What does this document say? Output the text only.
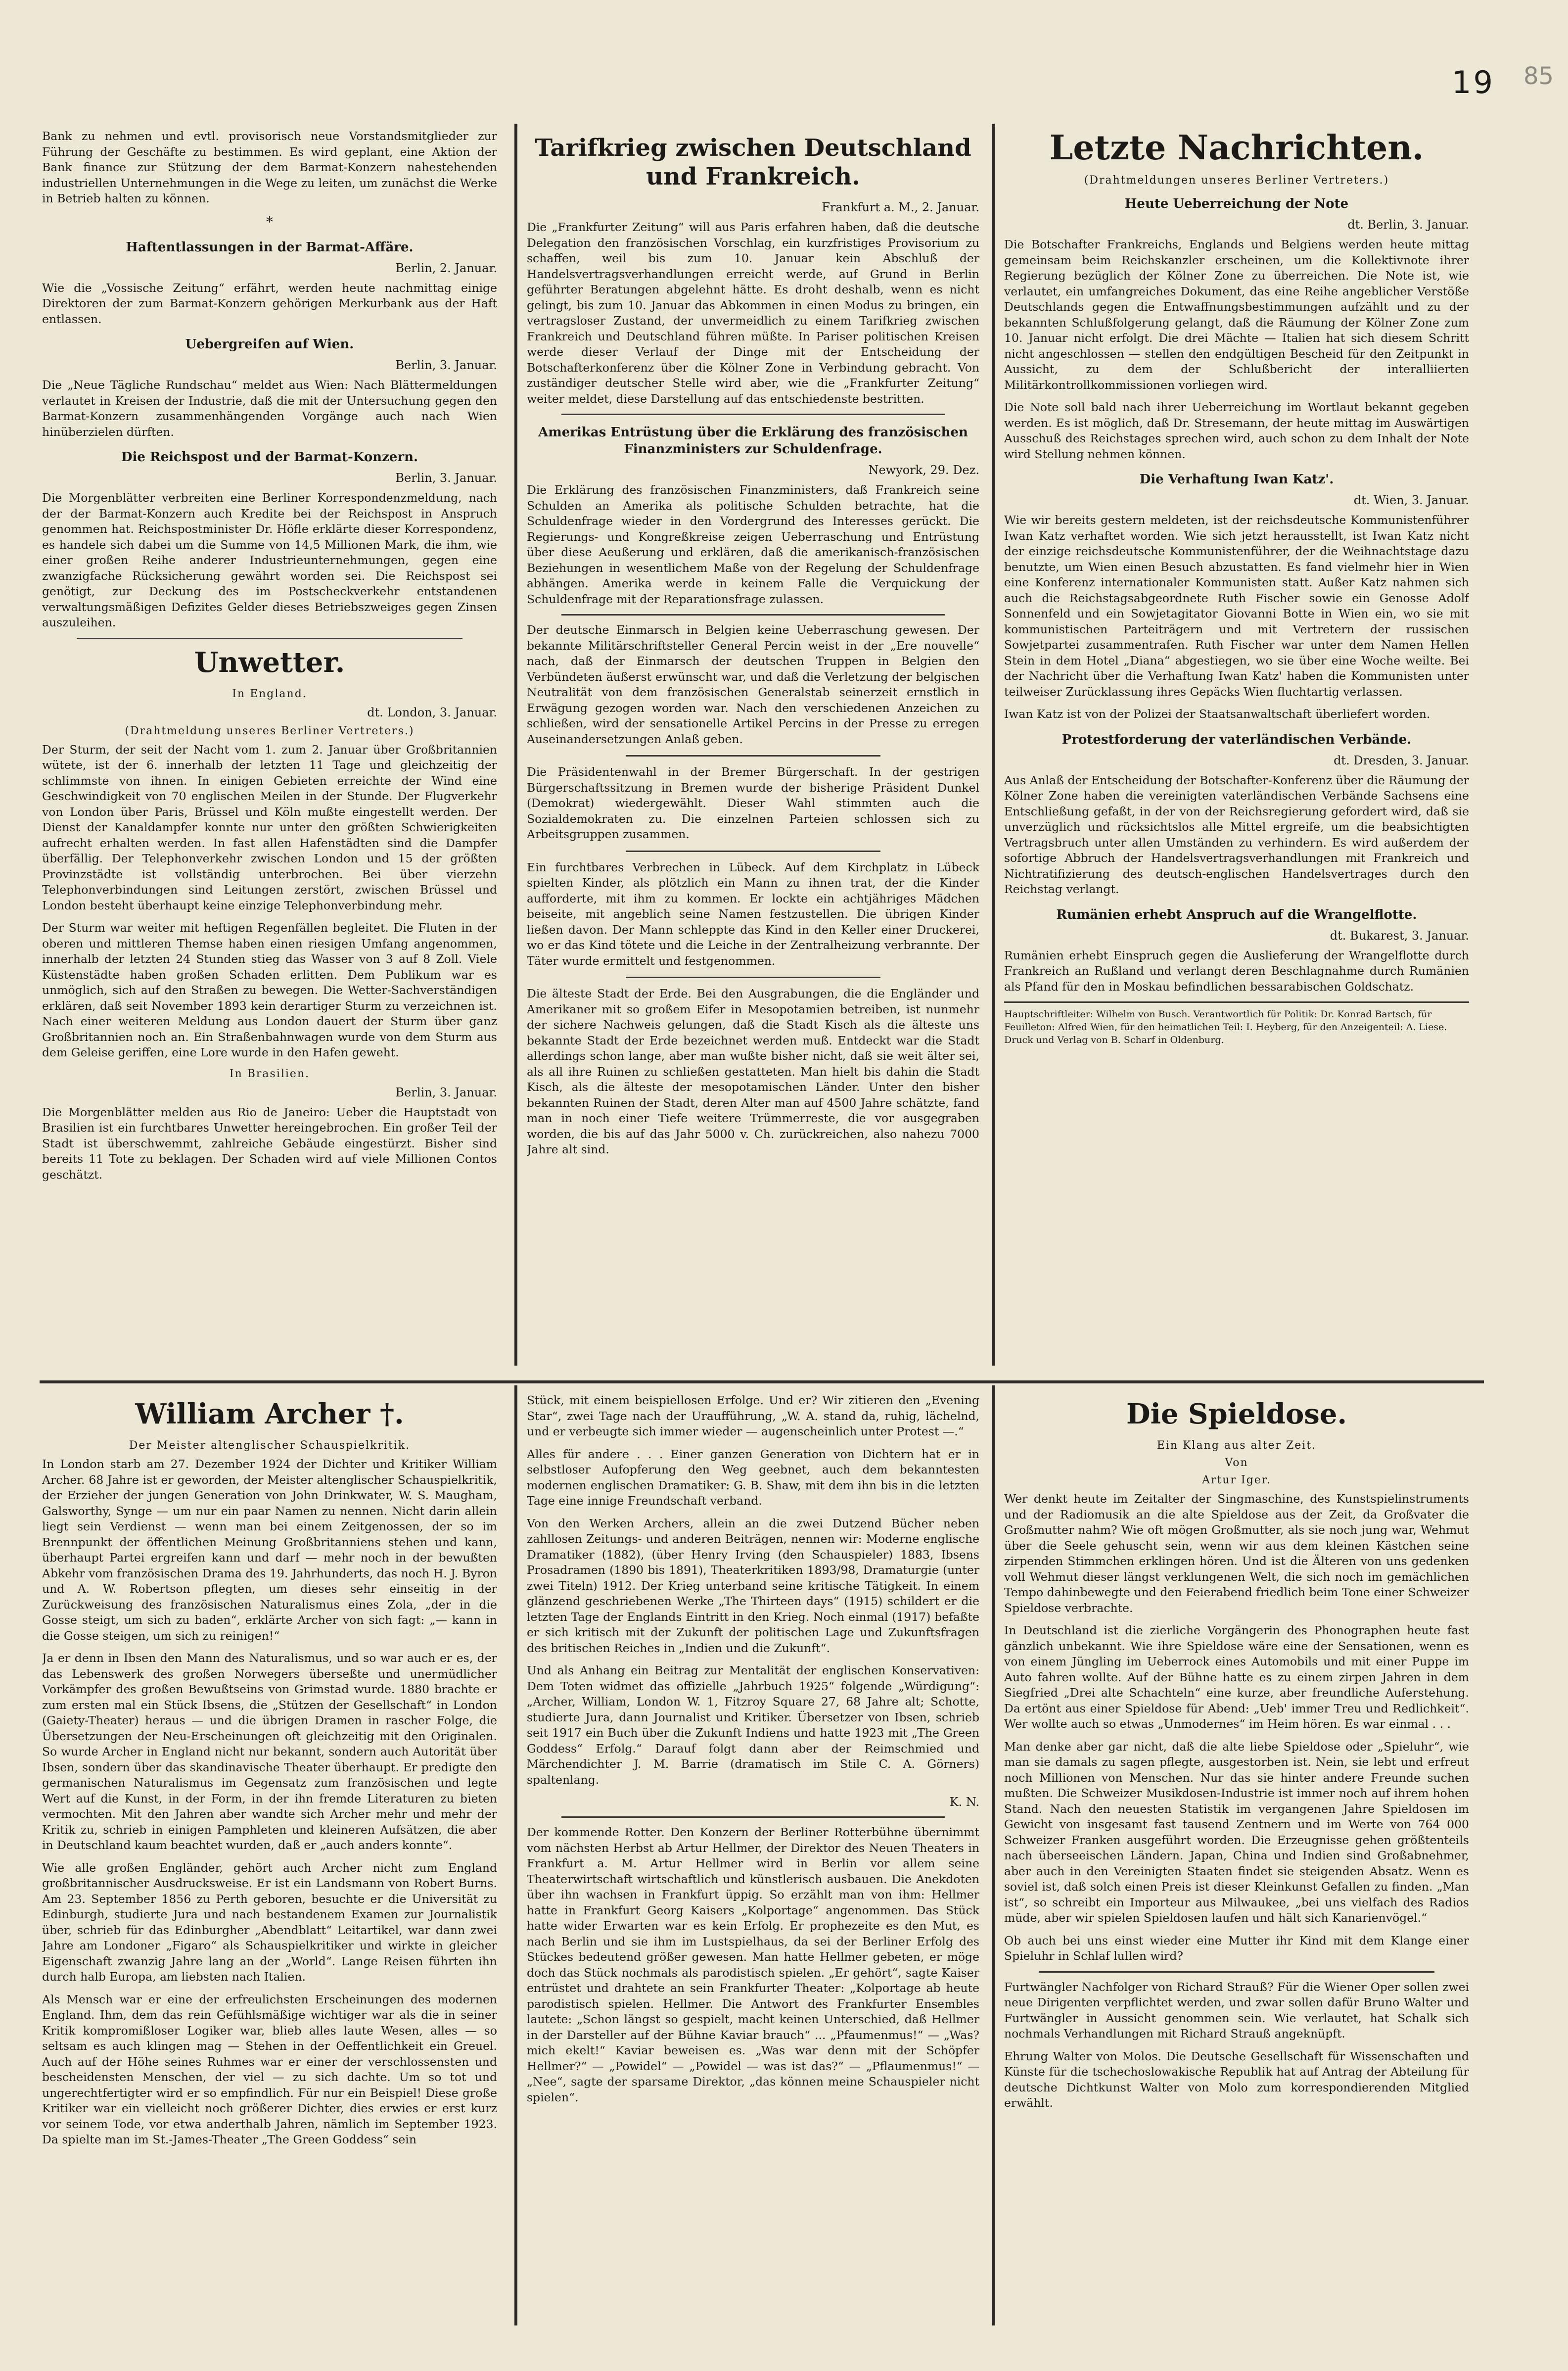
19 85

Bank zu nehmen und evtl. provisorisch neue Vorstandsmitglieder zur Führung der Geschäfte zu bestimmen. Es wird geplant, eine Aktion der Bank finance zur Stützung der dem Barmat-Konzern nahestehenden industriellen Unternehmungen in die Wege zu leiten, um zunächst die Werke in Betrieb halten zu können.

*
Haftentlassungen in der Barmat-Affäre.
Berlin, 2. Januar.

Wie die „Vossische Zeitung“ erfährt, werden heute nachmittag einige Direktoren der zum Barmat-Konzern gehörigen Merkurbank aus der Haft entlassen.

Uebergreifen auf Wien.
Berlin, 3. Januar.

Die „Neue Tägliche Rundschau“ meldet aus Wien: Nach Blättermeldungen verlautet in Kreisen der Industrie, daß die mit der Untersuchung gegen den Barmat-Konzern zusammenhängenden Vorgänge auch nach Wien hinüberzielen dürften.

Die Reichspost und der Barmat-Konzern.
Berlin, 3. Januar.

Die Morgenblätter verbreiten eine Berliner Korrespondenzmeldung, nach der der Barmat-Konzern auch Kredite bei der Reichspost in Anspruch genommen hat. Reichspostminister Dr. Höfle erklärte dieser Korrespondenz, es handele sich dabei um die Summe von 14,5 Millionen Mark, die ihm, wie einer großen Reihe anderer Industrieunternehmungen, gegen eine zwanzigfache Rücksicherung gewährt worden sei. Die Reichspost sei genötigt, zur Deckung des im Postscheckverkehr entstandenen verwaltungsmäßigen Defizites Gelder dieses Betriebszweiges gegen Zinsen auszuleihen.

Unwetter.
In England.
dt. London, 3. Januar.
(Drahtmeldung unseres Berliner Vertreters.)

Der Sturm, der seit der Nacht vom 1. zum 2. Januar über Großbritannien wütete, ist der 6. innerhalb der letzten 11 Tage und gleichzeitig der schlimmste von ihnen. In einigen Gebieten erreichte der Wind eine Geschwindigkeit von 70 englischen Meilen in der Stunde. Der Flugverkehr von London über Paris, Brüssel und Köln mußte eingestellt werden. Der Dienst der Kanaldampfer konnte nur unter den größten Schwierigkeiten aufrecht erhalten werden. In fast allen Hafenstädten sind die Dampfer überfällig. Der Telephonverkehr zwischen London und 15 der größten Provinzstädte ist vollständig unterbrochen. Bei über vierzehn Telephonverbindungen sind Leitungen zerstört, zwischen Brüssel und London besteht überhaupt keine einzige Telephonverbindung mehr.

Der Sturm war weiter mit heftigen Regenfällen begleitet. Die Fluten in der oberen und mittleren Themse haben einen riesigen Umfang angenommen, innerhalb der letzten 24 Stunden stieg das Wasser von 3 auf 8 Zoll. Viele Küstenstädte haben großen Schaden erlitten. Dem Publikum war es unmöglich, sich auf den Straßen zu bewegen. Die Wetter-Sachverständigen erklären, daß seit November 1893 kein derartiger Sturm zu verzeichnen ist. Nach einer weiteren Meldung aus London dauert der Sturm über ganz Großbritannien noch an. Ein Straßenbahnwagen wurde von dem Sturm aus dem Geleise geriffen, eine Lore wurde in den Hafen geweht.

In Brasilien.
Berlin, 3. Januar.

Die Morgenblätter melden aus Rio de Janeiro: Ueber die Hauptstadt von Brasilien ist ein furchtbares Unwetter hereingebrochen. Ein großer Teil der Stadt ist überschwemmt, zahlreiche Gebäude eingestürzt. Bisher sind bereits 11 Tote zu beklagen. Der Schaden wird auf viele Millionen Contos geschätzt.

Tarifkrieg zwischen Deutschland und Frankreich.
Frankfurt a. M., 2. Januar.

Die „Frankfurter Zeitung“ will aus Paris erfahren haben, daß die deutsche Delegation den französischen Vorschlag, ein kurzfristiges Provisorium zu schaffen, weil bis zum 10. Januar kein Abschluß der Handelsvertragsverhandlungen erreicht werde, auf Grund in Berlin geführter Beratungen abgelehnt hätte. Es droht deshalb, wenn es nicht gelingt, bis zum 10. Januar das Abkommen in einen Modus zu bringen, ein vertragsloser Zustand, der unvermeidlich zu einem Tarifkrieg zwischen Frankreich und Deutschland führen müßte. In Pariser politischen Kreisen werde dieser Verlauf der Dinge mit der Entscheidung der Botschafterkonferenz über die Kölner Zone in Verbindung gebracht. Von zuständiger deutscher Stelle wird aber, wie die „Frankfurter Zeitung“ weiter meldet, diese Darstellung auf das entschiedenste bestritten.

Amerikas Entrüstung über die Erklärung des französischen Finanzministers zur Schuldenfrage.
Newyork, 29. Dez.

Die Erklärung des französischen Finanzministers, daß Frankreich seine Schulden an Amerika als politische Schulden betrachte, hat die Schuldenfrage wieder in den Vordergrund des Interesses gerückt. Die Regierungs- und Kongreßkreise zeigen Ueberraschung und Entrüstung über diese Aeußerung und erklären, daß die amerikanisch-französischen Beziehungen in wesentlichem Maße von der Regelung der Schuldenfrage abhängen. Amerika werde in keinem Falle die Verquickung der Schuldenfrage mit der Reparationsfrage zulassen.

Der deutsche Einmarsch in Belgien keine Ueberraschung gewesen. Der bekannte Militärschriftsteller General Percin weist in der „Ere nouvelle“ nach, daß der Einmarsch der deutschen Truppen in Belgien den Verbündeten äußerst erwünscht war, und daß die Verletzung der belgischen Neutralität von dem französischen Generalstab seinerzeit ernstlich in Erwägung gezogen worden war. Nach den verschiedenen Anzeichen zu schließen, wird der sensationelle Artikel Percins in der Presse zu erregen Auseinandersetzungen Anlaß geben.

Die Präsidentenwahl in der Bremer Bürgerschaft. In der gestrigen Bürgerschaftssitzung in Bremen wurde der bisherige Präsident Dunkel (Demokrat) wiedergewählt. Dieser Wahl stimmten auch die Sozialdemokraten zu. Die einzelnen Parteien schlossen sich zu Arbeitsgruppen zusammen.

Ein furchtbares Verbrechen in Lübeck. Auf dem Kirchplatz in Lübeck spielten Kinder, als plötzlich ein Mann zu ihnen trat, der die Kinder aufforderte, mit ihm zu kommen. Er lockte ein achtjähriges Mädchen beiseite, mit angeblich seine Namen festzustellen. Die übrigen Kinder ließen davon. Der Mann schleppte das Kind in den Keller einer Druckerei, wo er das Kind tötete und die Leiche in der Zentralheizung verbrannte. Der Täter wurde ermittelt und festgenommen.

Die älteste Stadt der Erde. Bei den Ausgrabungen, die die Engländer und Amerikaner mit so großem Eifer in Mesopotamien betreiben, ist nunmehr der sichere Nachweis gelungen, daß die Stadt Kisch als die älteste uns bekannte Stadt der Erde bezeichnet werden muß. Entdeckt war die Stadt allerdings schon lange, aber man wußte bisher nicht, daß sie weit älter sei, als all ihre Ruinen zu schließen gestatteten. Man hielt bis dahin die Stadt Kisch, als die älteste der mesopotamischen Länder. Unter den bisher bekannten Ruinen der Stadt, deren Alter man auf 4500 Jahre schätzte, fand man in noch einer Tiefe weitere Trümmerreste, die vor ausgegraben worden, die bis auf das Jahr 5000 v. Ch. zurückreichen, also nahezu 7000 Jahre alt sind.

Letzte Nachrichten.
(Drahtmeldungen unseres Berliner Vertreters.)
Heute Ueberreichung der Note
dt. Berlin, 3. Januar.

Die Botschafter Frankreichs, Englands und Belgiens werden heute mittag gemeinsam beim Reichskanzler erscheinen, um die Kollektivnote ihrer Regierung bezüglich der Kölner Zone zu überreichen. Die Note ist, wie verlautet, ein umfangreiches Dokument, das eine Reihe angeblicher Verstöße Deutschlands gegen die Entwaffnungsbestimmungen aufzählt und zu der bekannten Schlußfolgerung gelangt, daß die Räumung der Kölner Zone zum 10. Januar nicht erfolgt. Die drei Mächte — Italien hat sich diesem Schritt nicht angeschlossen — stellen den endgültigen Bescheid für den Zeitpunkt in Aussicht, zu dem der Schlußbericht der interalliierten Militärkontrollkommissionen vorliegen wird.

Die Note soll bald nach ihrer Ueberreichung im Wortlaut bekannt gegeben werden. Es ist möglich, daß Dr. Stresemann, der heute mittag im Auswärtigen Ausschuß des Reichstages sprechen wird, auch schon zu dem Inhalt der Note wird Stellung nehmen können.

Die Verhaftung Iwan Katz'.
dt. Wien, 3. Januar.

Wie wir bereits gestern meldeten, ist der reichsdeutsche Kommunistenführer Iwan Katz verhaftet worden. Wie sich jetzt herausstellt, ist Iwan Katz nicht der einzige reichsdeutsche Kommunistenführer, der die Weihnachtstage dazu benutzte, um Wien einen Besuch abzustatten. Es fand vielmehr hier in Wien eine Konferenz internationaler Kommunisten statt. Außer Katz nahmen sich auch die Reichstagsabgeordnete Ruth Fischer sowie ein Genosse Adolf Sonnenfeld und ein Sowjetagitator Giovanni Botte in Wien ein, wo sie mit kommunistischen Parteiträgern und mit Vertretern der russischen Sowjetpartei zusammentrafen. Ruth Fischer war unter dem Namen Hellen Stein in dem Hotel „Diana“ abgestiegen, wo sie über eine Woche weilte. Bei der Nachricht über die Verhaftung Iwan Katz' haben die Kommunisten unter teilweiser Zurücklassung ihres Gepäcks Wien fluchtartig verlassen.

Iwan Katz ist von der Polizei der Staatsanwaltschaft überliefert worden.

Protestforderung der vaterländischen Verbände.
dt. Dresden, 3. Januar.

Aus Anlaß der Entscheidung der Botschafter-Konferenz über die Räumung der Kölner Zone haben die vereinigten vaterländischen Verbände Sachsens eine Entschließung gefaßt, in der von der Reichsregierung gefordert wird, daß sie unverzüglich und rücksichtslos alle Mittel ergreife, um die beabsichtigten Vertragsbruch unter allen Umständen zu verhindern. Es wird außerdem der sofortige Abbruch der Handelsvertragsverhandlungen mit Frankreich und Nichtratifizierung des deutsch-englischen Handelsvertrages durch den Reichstag verlangt.

Rumänien erhebt Anspruch auf die Wrangelflotte.
dt. Bukarest, 3. Januar.

Rumänien erhebt Einspruch gegen die Auslieferung der Wrangelflotte durch Frankreich an Rußland und verlangt deren Beschlagnahme durch Rumänien als Pfand für den in Moskau befindlichen bessarabischen Goldschatz.

Hauptschriftleiter: Wilhelm von Busch. Verantwortlich für Politik: Dr. Konrad Bartsch, für Feuilleton: Alfred Wien, für den heimatlichen Teil: I. Heyberg, für den Anzeigenteil: A. Liese. Druck und Verlag von B. Scharf in Oldenburg.
William Archer †.
Der Meister altenglischer Schauspielkritik.

In London starb am 27. Dezember 1924 der Dichter und Kritiker William Archer. 68 Jahre ist er geworden, der Meister altenglischer Schauspielkritik, der Erzieher der jungen Generation von John Drinkwater, W. S. Maugham, Galsworthy, Synge — um nur ein paar Namen zu nennen. Nicht darin allein liegt sein Verdienst — wenn man bei einem Zeitgenossen, der so im Brennpunkt der öffentlichen Meinung Großbritanniens stehen und kann, überhaupt Partei ergreifen kann und darf — mehr noch in der bewußten Abkehr vom französischen Drama des 19. Jahrhunderts, das noch H. J. Byron und A. W. Robertson pflegten, um dieses sehr einseitig in der Zurückweisung des französischen Naturalismus eines Zola, „der in die Gosse steigt, um sich zu baden“, erklärte Archer von sich fagt: „— kann in die Gosse steigen, um sich zu reinigen!“

Ja er denn in Ibsen den Mann des Naturalismus, und so war auch er es, der das Lebenswerk des großen Norwegers überseßte und unermüdlicher Vorkämpfer des großen Bewußtseins von Grimstad wurde. 1880 brachte er zum ersten mal ein Stück Ibsens, die „Stützen der Gesellschaft“ in London (Gaiety-Theater) heraus — und die übrigen Dramen in rascher Folge, die Übersetzungen der Neu-Erscheinungen oft gleichzeitig mit den Originalen. So wurde Archer in England nicht nur bekannt, sondern auch Autorität über Ibsen, sondern über das skandinavische Theater überhaupt. Er predigte den germanischen Naturalismus im Gegensatz zum französischen und legte Wert auf die Kunst, in der Form, in der ihn fremde Literaturen zu bieten vermochten. Mit den Jahren aber wandte sich Archer mehr und mehr der Kritik zu, schrieb in einigen Pamphleten und kleineren Aufsätzen, die aber in Deutschland kaum beachtet wurden, daß er „auch anders konnte“.

Wie alle großen Engländer, gehört auch Archer nicht zum England großbritannischer Ausdrucksweise. Er ist ein Landsmann von Robert Burns. Am 23. September 1856 zu Perth geboren, besuchte er die Universität zu Edinburgh, studierte Jura und nach bestandenem Examen zur Journalistik über, schrieb für das Edinburgher „Abendblatt“ Leitartikel, war dann zwei Jahre am Londoner „Figaro“ als Schauspielkritiker und wirkte in gleicher Eigenschaft zwanzig Jahre lang an der „World“. Lange Reisen führten ihn durch halb Europa, am liebsten nach Italien.

Als Mensch war er eine der erfreulichsten Erscheinungen des modernen England. Ihm, dem das rein Gefühlsmäßige wichtiger war als die in seiner Kritik kompromißloser Logiker war, blieb alles laute Wesen, alles — so seltsam es auch klingen mag — Stehen in der Oeffentlichkeit ein Greuel. Auch auf der Höhe seines Ruhmes war er einer der verschlossensten und bescheidensten Menschen, der viel — zu sich dachte. Um so tot und ungerechtfertigter wird er so empfindlich. Für nur ein Beispiel! Diese große Kritiker war ein vielleicht noch größerer Dichter, dies erwies er erst kurz vor seinem Tode, vor etwa anderthalb Jahren, nämlich im September 1923. Da spielte man im St.-James-Theater „The Green Goddess“ sein

Stück, mit einem beispiellosen Erfolge. Und er? Wir zitieren den „Evening Star“, zwei Tage nach der Uraufführung, „W. A. stand da, ruhig, lächelnd, und er verbeugte sich immer wieder — augenscheinlich unter Protest —.“

Alles für andere . . . Einer ganzen Generation von Dichtern hat er in selbstloser Aufopferung den Weg geebnet, auch dem bekanntesten modernen englischen Dramatiker: G. B. Shaw, mit dem ihn bis in die letzten Tage eine innige Freundschaft verband.

Von den Werken Archers, allein an die zwei Dutzend Bücher neben zahllosen Zeitungs- und anderen Beiträgen, nennen wir: Moderne englische Dramatiker (1882), (über Henry Irving (den Schauspieler) 1883, Ibsens Prosadramen (1890 bis 1891), Theaterkritiken 1893/98, Dramaturgie (unter zwei Titeln) 1912. Der Krieg unterband seine kritische Tätigkeit. In einem glänzend geschriebenen Werke „The Thirteen days“ (1915) schildert er die letzten Tage der Englands Eintritt in den Krieg. Noch einmal (1917) befaßte er sich kritisch mit der Zukunft der politischen Lage und Zukunftsfragen des britischen Reiches in „Indien und die Zukunft“.

Und als Anhang ein Beitrag zur Mentalität der englischen Konservativen: Dem Toten widmet das offizielle „Jahrbuch 1925“ folgende „Würdigung“: „Archer, William, London W. 1, Fitzroy Square 27, 68 Jahre alt; Schotte, studierte Jura, dann Journalist und Kritiker. Übersetzer von Ibsen, schrieb seit 1917 ein Buch über die Zukunft Indiens und hatte 1923 mit „The Green Goddess“ Erfolg.“ Darauf folgt dann aber der Reimschmied und Märchendichter J. M. Barrie (dramatisch im Stile C. A. Görners) spaltenlang.

K. N.

Der kommende Rotter. Den Konzern der Berliner Rotterbühne übernimmt vom nächsten Herbst ab Artur Hellmer, der Direktor des Neuen Theaters in Frankfurt a. M. Artur Hellmer wird in Berlin vor allem seine Theaterwirtschaft wirtschaftlich und künstlerisch ausbauen. Die Anekdoten über ihn wachsen in Frankfurt üppig. So erzählt man von ihm: Hellmer hatte in Frankfurt Georg Kaisers „Kolportage“ angenommen. Das Stück hatte wider Erwarten war es kein Erfolg. Er prophezeite es den Mut, es nach Berlin und sie ihm im Lustspielhaus, da sei der Berliner Erfolg des Stückes bedeutend größer gewesen. Man hatte Hellmer gebeten, er möge doch das Stück nochmals als parodistisch spielen. „Er gehört“, sagte Kaiser entrüstet und drahtete an sein Frankfurter Theater: „Kolportage ab heute parodistisch spielen. Hellmer. Die Antwort des Frankfurter Ensembles lautete: „Schon längst so gespielt, macht keinen Unterschied, daß Hellmer in der Darsteller auf der Bühne Kaviar brauch“ ... „Pfaumenmus!“ — „Was? mich ekelt!“ Kaviar beweisen es. „Was war denn mit der Schöpfer Hellmer?“ — „Powidel“ — „Powidel — was ist das?“ — „Pflaumenmus!“ — „Nee“, sagte der sparsame Direktor, „das können meine Schauspieler nicht spielen“.

Die Spieldose.
Ein Klang aus alter Zeit.
Von
Artur Iger.

Wer denkt heute im Zeitalter der Singmaschine, des Kunstspielinstruments und der Radiomusik an die alte Spieldose aus der Zeit, da Großvater die Großmutter nahm? Wie oft mögen Großmutter, als sie noch jung war, Wehmut über die Seele gehuscht sein, wenn wir aus dem kleinen Kästchen seine zirpenden Stimmchen erklingen hören. Und ist die Älteren von uns gedenken voll Wehmut dieser längst verklungenen Welt, die sich noch im gemächlichen Tempo dahinbewegte und den Feierabend friedlich beim Tone einer Schweizer Spieldose verbrachte.

In Deutschland ist die zierliche Vorgängerin des Phonographen heute fast gänzlich unbekannt. Wie ihre Spieldose wäre eine der Sensationen, wenn es von einem Jüngling im Ueberrock eines Automobils und mit einer Puppe im Auto fahren wollte. Auf der Bühne hatte es zu einem zirpen Jahren in dem Siegfried „Drei alte Schachteln“ eine kurze, aber freundliche Auferstehung. Da ertönt aus einer Spieldose für Abend: „Ueb' immer Treu und Redlichkeit“. Wer wollte auch so etwas „Unmodernes“ im Heim hören. Es war einmal . . .

Man denke aber gar nicht, daß die alte liebe Spieldose oder „Spieluhr“, wie man sie damals zu sagen pflegte, ausgestorben ist. Nein, sie lebt und erfreut noch Millionen von Menschen. Nur das sie hinter andere Freunde suchen mußten. Die Schweizer Musikdosen-Industrie ist immer noch auf ihrem hohen Stand. Nach den neuesten Statistik im vergangenen Jahre Spieldosen im Gewicht von insgesamt fast tausend Zentnern und im Werte von 764 000 Schweizer Franken ausgeführt worden. Die Erzeugnisse gehen größtenteils nach überseeischen Ländern. Japan, China und Indien sind Großabnehmer, aber auch in den Vereinigten Staaten findet sie steigenden Absatz. Wenn es soviel ist, daß solch einen Preis ist dieser Kleinkunst Gefallen zu finden. „Man ist“, so schreibt ein Importeur aus Milwaukee, „bei uns vielfach des Radios müde, aber wir spielen Spieldosen laufen und hält sich Kanarienvögel.“

Ob auch bei uns einst wieder eine Mutter ihr Kind mit dem Klange einer Spieluhr in Schlaf lullen wird?

Furtwängler Nachfolger von Richard Strauß? Für die Wiener Oper sollen zwei neue Dirigenten verpflichtet werden, und zwar sollen dafür Bruno Walter und Furtwängler in Aussicht genommen sein. Wie verlautet, hat Schalk sich nochmals Verhandlungen mit Richard Strauß angeknüpft.

Ehrung Walter von Molos. Die Deutsche Gesellschaft für Wissenschaften und Künste für die tschechoslowakische Republik hat auf Antrag der Abteilung für deutsche Dichtkunst Walter von Molo zum korrespondierenden Mitglied erwählt.
